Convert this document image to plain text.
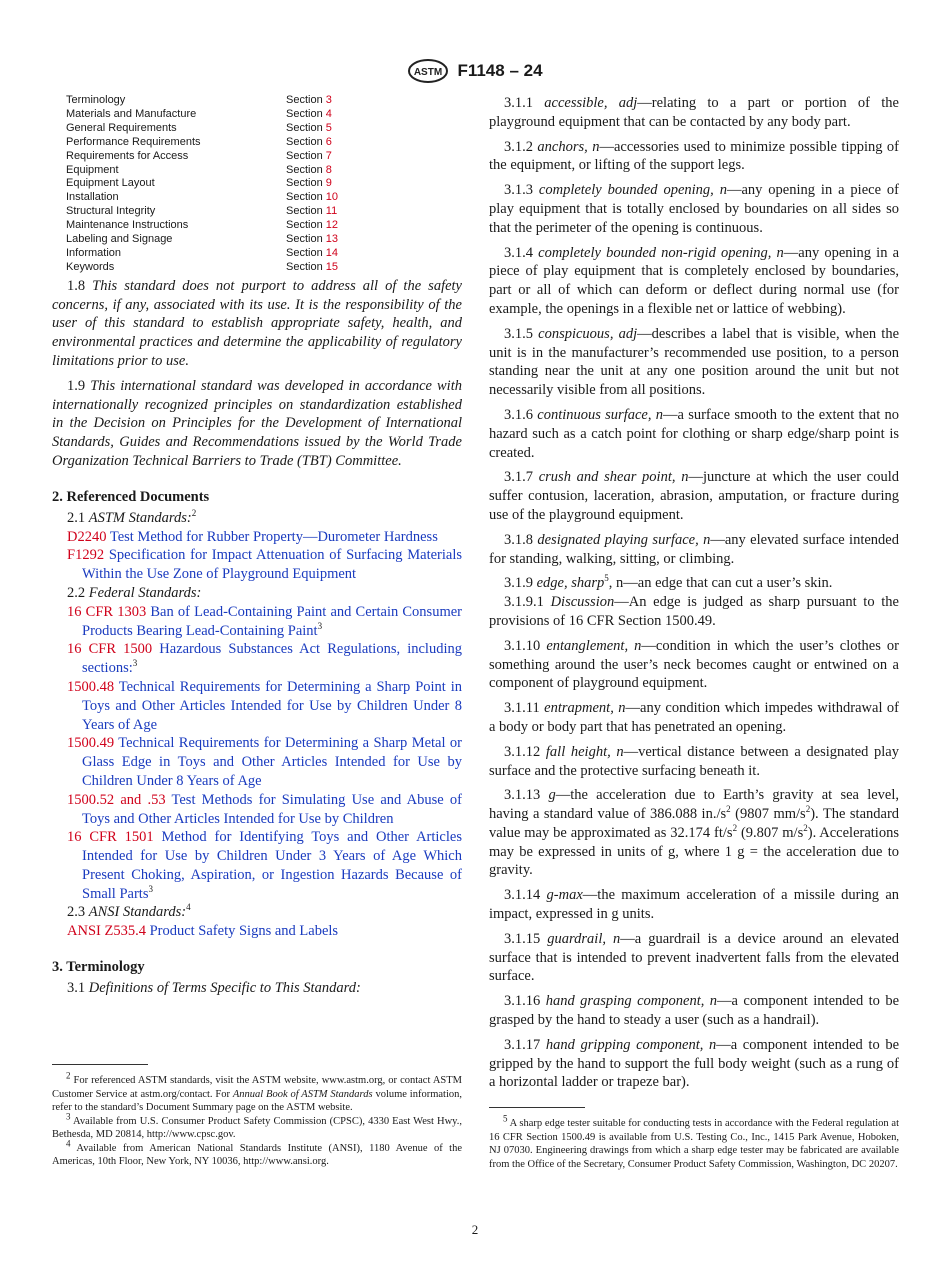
ASTM F1148 – 24
Terminology	Section 3
Materials and Manufacture	Section 4
General Requirements	Section 5
Performance Requirements	Section 6
Requirements for Access	Section 7
Equipment	Section 8
Equipment Layout	Section 9
Installation	Section 10
Structural Integrity	Section 11
Maintenance Instructions	Section 12
Labeling and Signage	Section 13
Information	Section 14
Keywords	Section 15

1.8 This standard does not purport to address all of the safety concerns, if any, associated with its use. It is the responsibility of the user of this standard to establish appropriate safety, health, and environmental practices and determine the applicability of regulatory limitations prior to use.

1.9 This international standard was developed in accordance with internationally recognized principles on standardization established in the Decision on Principles for the Development of International Standards, Guides and Recommendations issued by the World Trade Organization Technical Barriers to Trade (TBT) Committee.

2. Referenced Documents
2.1 ASTM Standards:$^2$
D2240 Test Method for Rubber Property—Durometer Hardness
F1292 Specification for Impact Attenuation of Surfacing Materials Within the Use Zone of Playground Equipment
2.2 Federal Standards:
16 CFR 1303 Ban of Lead-Containing Paint and Certain Consumer Products Bearing Lead-Containing Paint$^3$
16 CFR 1500 Hazardous Substances Act Regulations, including sections:$^3$
1500.48 Technical Requirements for Determining a Sharp Point in Toys and Other Articles Intended for Use by Children Under 8 Years of Age
1500.49 Technical Requirements for Determining a Sharp Metal or Glass Edge in Toys and Other Articles Intended for Use by Children Under 8 Years of Age
1500.52 and .53 Test Methods for Simulating Use and Abuse of Toys and Other Articles Intended for Use by Children
16 CFR 1501 Method for Identifying Toys and Other Articles Intended for Use by Children Under 3 Years of Age Which Present Choking, Aspiration, or Ingestion Hazards Because of Small Parts$^3$
2.3 ANSI Standards:$^4$
ANSI Z535.4 Product Safety Signs and Labels
3. Terminology
3.1 Definitions of Terms Specific to This Standard:

$^2$ For referenced ASTM standards, visit the ASTM website, www.astm.org, or contact ASTM Customer Service at astm.org/contact. For Annual Book of ASTM Standards volume information, refer to the standard’s Document Summary page on the ASTM website.

$^3$ Available from U.S. Consumer Product Safety Commission (CPSC), 4330 East West Hwy., Bethesda, MD 20814, http://www.cpsc.gov.

$^4$ Available from American National Standards Institute (ANSI), 1180 Avenue of the Americas, 10th Floor, New York, NY 10036, http://www.ansi.org.

3.1.1 accessible, adj—relating to a part or portion of the playground equipment that can be contacted by any body part.

3.1.2 anchors, n—accessories used to minimize possible tipping of the equipment, or lifting of the support legs.

3.1.3 completely bounded opening, n—any opening in a piece of play equipment that is totally enclosed by boundaries on all sides so that the perimeter of the opening is continuous.

3.1.4 completely bounded non-rigid opening, n—any opening in a piece of play equipment that is completely enclosed by boundaries, part or all of which can deform or deflect during normal use (for example, the openings in a flexible net or lattice of webbing).

3.1.5 conspicuous, adj—describes a label that is visible, when the unit is in the manufacturer’s recommended use position, to a person standing near the unit at any one position around the unit but not necessarily visible from all positions.

3.1.6 continuous surface, n—a surface smooth to the extent that no hazard such as a catch point for clothing or sharp edge/sharp point is created.

3.1.7 crush and shear point, n—juncture at which the user could suffer contusion, laceration, abrasion, amputation, or fracture during use of the playground equipment.

3.1.8 designated playing surface, n—any elevated surface intended for standing, walking, sitting, or climbing.

3.1.9 edge, sharp$^5$, n—an edge that can cut a user’s skin.

3.1.9.1 Discussion—An edge is judged as sharp pursuant to the provisions of 16 CFR Section 1500.49.

3.1.10 entanglement, n—condition in which the user’s clothes or something around the user’s neck becomes caught or entwined on a component of playground equipment.

3.1.11 entrapment, n—any condition which impedes withdrawal of a body or body part that has penetrated an opening.

3.1.12 fall height, n—vertical distance between a designated play surface and the protective surfacing beneath it.

3.1.13 g—the acceleration due to Earth’s gravity at sea level, having a standard value of 386.088 $in./s^2$ (9807 $mm/s^2$). The standard value may be approximated as 32.174 $ft/s^2$ (9.807 $m/s^2$). Accelerations may be expressed in units of g, where 1 g = the acceleration due to gravity.

3.1.14 g-max—the maximum acceleration of a missile during an impact, expressed in g units.

3.1.15 guardrail, n—a guardrail is a device around an elevated surface that is intended to prevent inadvertent falls from the elevated surface.

3.1.16 hand grasping component, n—a component intended to be grasped by the hand to steady a user (such as a handrail).

3.1.17 hand gripping component, n—a component intended to be gripped by the hand to support the full body weight (such as a rung of a horizontal ladder or trapeze bar).

$^5$ A sharp edge tester suitable for conducting tests in accordance with the Federal regulation at 16 CFR Section 1500.49 is available from U.S. Testing Co., Inc., 1415 Park Avenue, Hoboken, NJ 07030. Engineering drawings from which a sharp edge tester may be fabricated are available from the Office of the Secretary, Consumer Product Safety Commission, Washington, DC 20207.

2
